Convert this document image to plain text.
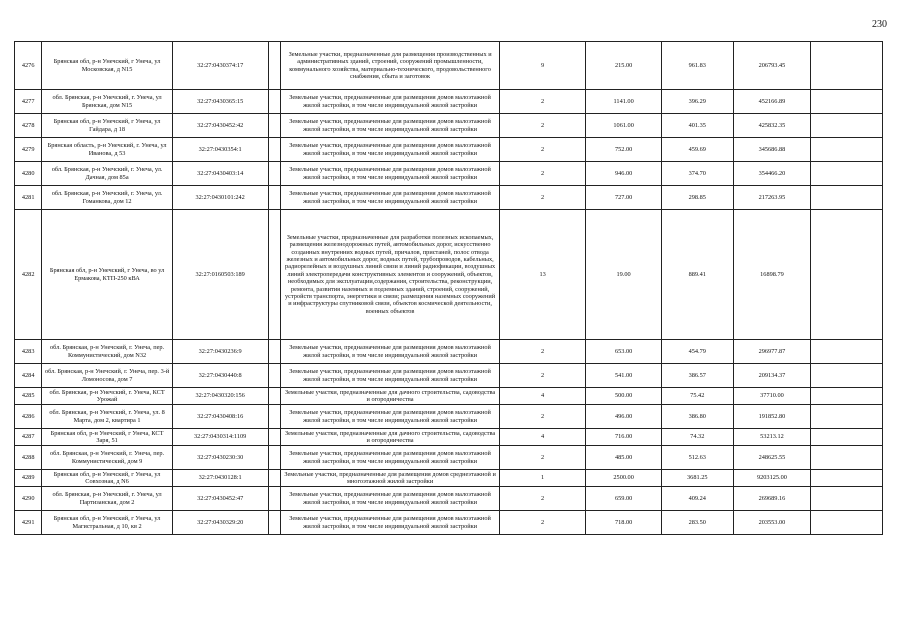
230
4276	Брянская обл, р-н Унечский, г Унеча, ул Московская, д N15	32:27:0430374:17		Земельные участки, предназначенные для размещения производственных и административных зданий, строений, сооружений промышленности, коммунального хозяйства, материально-технического, продовольственного снабжения, сбыта и заготовок	9	215.00	961.83	206793.45	
4277	обл. Брянская, р-н Унечский, г. Унеча, ул Брянская, дом N15	32:27:0430365:15		Земельные участки, предназначенные для размещения домов малоэтажной жилой застройки, в том числе индивидуальной жилой застройки	2	1141.00	396.29	452166.89	
4278	Брянская обл, р-н Унечский, г Унеча, ул Гайдара, д 18	32:27:0430452:42		Земельные участки, предназначенные для размещения домов малоэтажной жилой застройки, в том числе индивидуальной жилой застройки	2	1061.00	401.35	425832.35	
4279	Брянская область, р-н Унечский, г. Унеча, ул Иванова, д 53	32:27:0430354:1		Земельные участки, предназначенные для размещения домов малоэтажной жилой застройки, в том числе индивидуальной жилой застройки	2	752.00	459.69	345686.88	
4280	обл. Брянская, р-н Унечский, г. Унеча, ул. Дачная, дом 85а	32:27:0430403:14		Земельные участки, предназначенные для размещения домов малоэтажной жилой застройки, в том числе индивидуальной жилой застройки	2	946.00	374.70	354466.20	
4281	обл. Брянская, р-н Унечский, г. Унеча, ул. Гоманкова, дом 12	32:27:0430101:242		Земельные участки, предназначенные для размещения домов малоэтажной жилой застройки, в том числе индивидуальной жилой застройки	2	727.00	298.85	217263.95	
4282	Брянская обл, р-н Унечский, г Унеча, во ул Ермакова, КТП-250 кВА	32:27:0160503:189		Земельные участки, предназначенные для разработки полезных ископаемых, размещения железнодорожных путей, автомобильных дорог, искусственно созданных внутренних водных путей, причалов, пристаней, полос отвода железных и автомобильных дорог, водных путей, трубопроводов, кабельных, радиорелейных и воздушных линий связи и линий радиофикации, воздушных линий электропередачи конструктивных элементов и сооружений, объектов, необходимых для эксплуатации,содержания, строительства, реконструкции, ремонта, развития наземных и подземных зданий, строений, сооружений, устройств транспорта, энергетики и связи; размещения наземных сооружений и инфраструктуры спутниковой связи, объектов космической деятельности, военных объектов	13	19.00	889.41	16898.79	
4283	обл. Брянская, р-н Унечский, г. Унеча, пер. Коммунистический, дом N32	32:27:0430236:9		Земельные участки, предназначенные для размещения домов малоэтажной жилой застройки, в том числе индивидуальной жилой застройки	2	653.00	454.79	296977.87	
4284	обл. Брянская, р-н Унечский, г. Унеча, пер. 3-й Ломоносова, дом 7	32:27:0430440:8		Земельные участки, предназначенные для размещения домов малоэтажной жилой застройки, в том числе индивидуальной жилой застройки	2	541.00	386.57	209134.37	
4285	обл. Брянская, р-н Унечский, г. Унеча, КСТ Урожай	32:27:0430320:156		Земельные участки, предназначенные для дачного строительства, садоводства и огородничества	4	500.00	75.42	37710.00	
4286	обл. Брянская, р-н Унечский, г. Унеча, ул. 8 Марта, дом 2, квартира 1	32:27:0430408:16		Земельные участки, предназначенные для размещения домов малоэтажной жилой застройки, в том числе индивидуальной жилой застройки	2	496.00	386.80	191852.80	
4287	Брянская обл, р-н Унечский, г Унеча, КСТ Заря, 51	32:27:0430314:1109		Земельные участки, предназначенные для дачного строительства, садоводства и огородничества	4	716.00	74.32	53213.12	
4288	обл. Брянская, р-н Унечский, г. Унеча, пер. Коммунистический, дом 9	32:27:0430230:30		Земельные участки, предназначенные для размещения домов малоэтажной жилой застройки, в том числе индивидуальной жилой застройки	2	485.00	512.63	248625.55	
4289	Брянская обл, р-н Унечский, г Унеча, ул Совхозная, д N6	32:27:0430128:1		Земельные участки, предназначенные для размещения домов среднеэтажной и многоэтажной жилой застройки	1	2500.00	3681.25	9203125.00	
4290	обл. Брянская, р-н Унечский, г. Унеча, ул Партизанская, дом 2	32:27:0430452:47		Земельные участки, предназначенные для размещения домов малоэтажной жилой застройки, в том числе индивидуальной жилой застройки	2	659.00	409.24	269689.16	
4291	Брянская обл, р-н Унечский, г Унеча, ул Магистральная, д 10, кв 2	32:27:0430329:20		Земельные участки, предназначенные для размещения домов малоэтажной жилой застройки, в том числе индивидуальной жилой застройки	2	718.00	283.50	203553.00	
